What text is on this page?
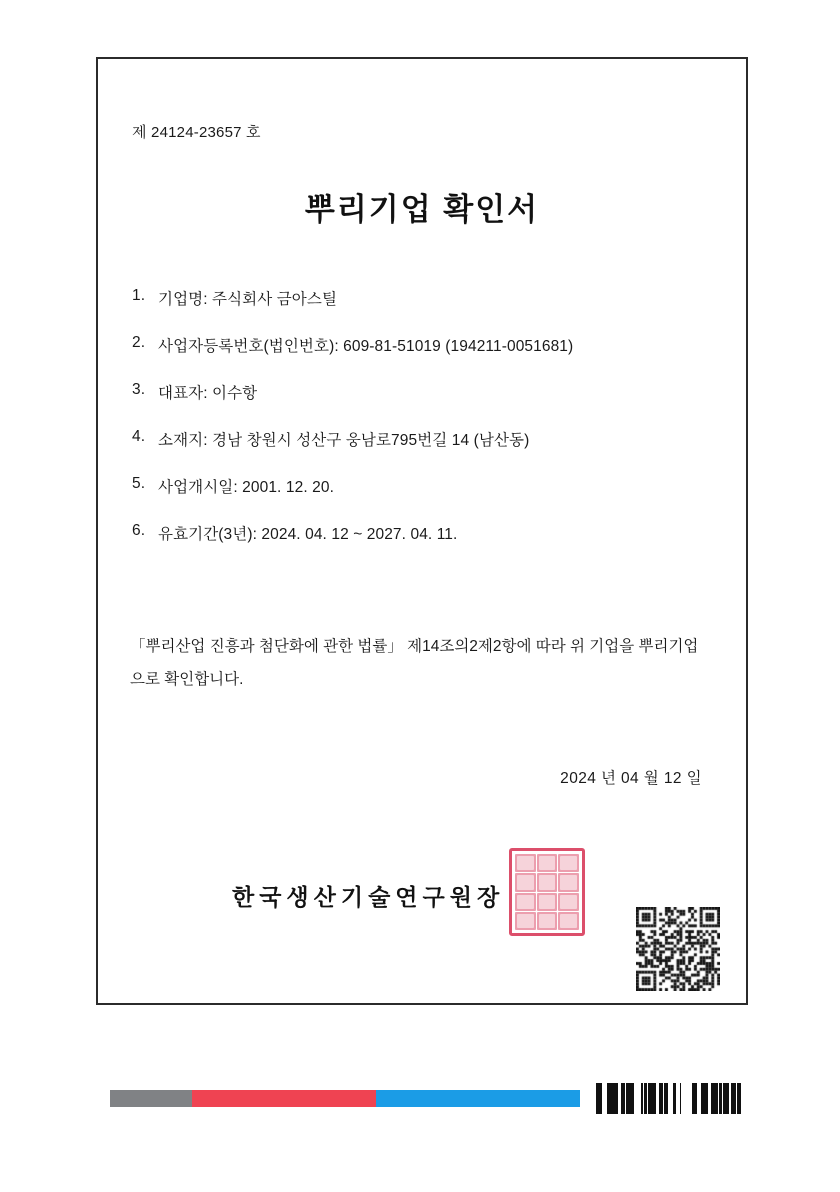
제 24124-23657 호
뿌리기업 확인서
1. 기업명: 주식회사 금아스틸
2. 사업자등록번호(법인번호): 609-81-51019 (194211-0051681)
3. 대표자: 이수항
4. 소재지: 경남 창원시 성산구 웅남로795번길 14 (남산동)
5. 사업개시일: 2001. 12. 20.
6. 유효기간(3년): 2024. 04. 12 ~ 2027. 04. 11.
「뿌리산업 진흥과 첨단화에 관한 법률」 제14조의2제2항에 따라 위 기업을 뿌리기업으로 확인합니다.
2024 년 04 월 12 일
한국생산기술연구원장
